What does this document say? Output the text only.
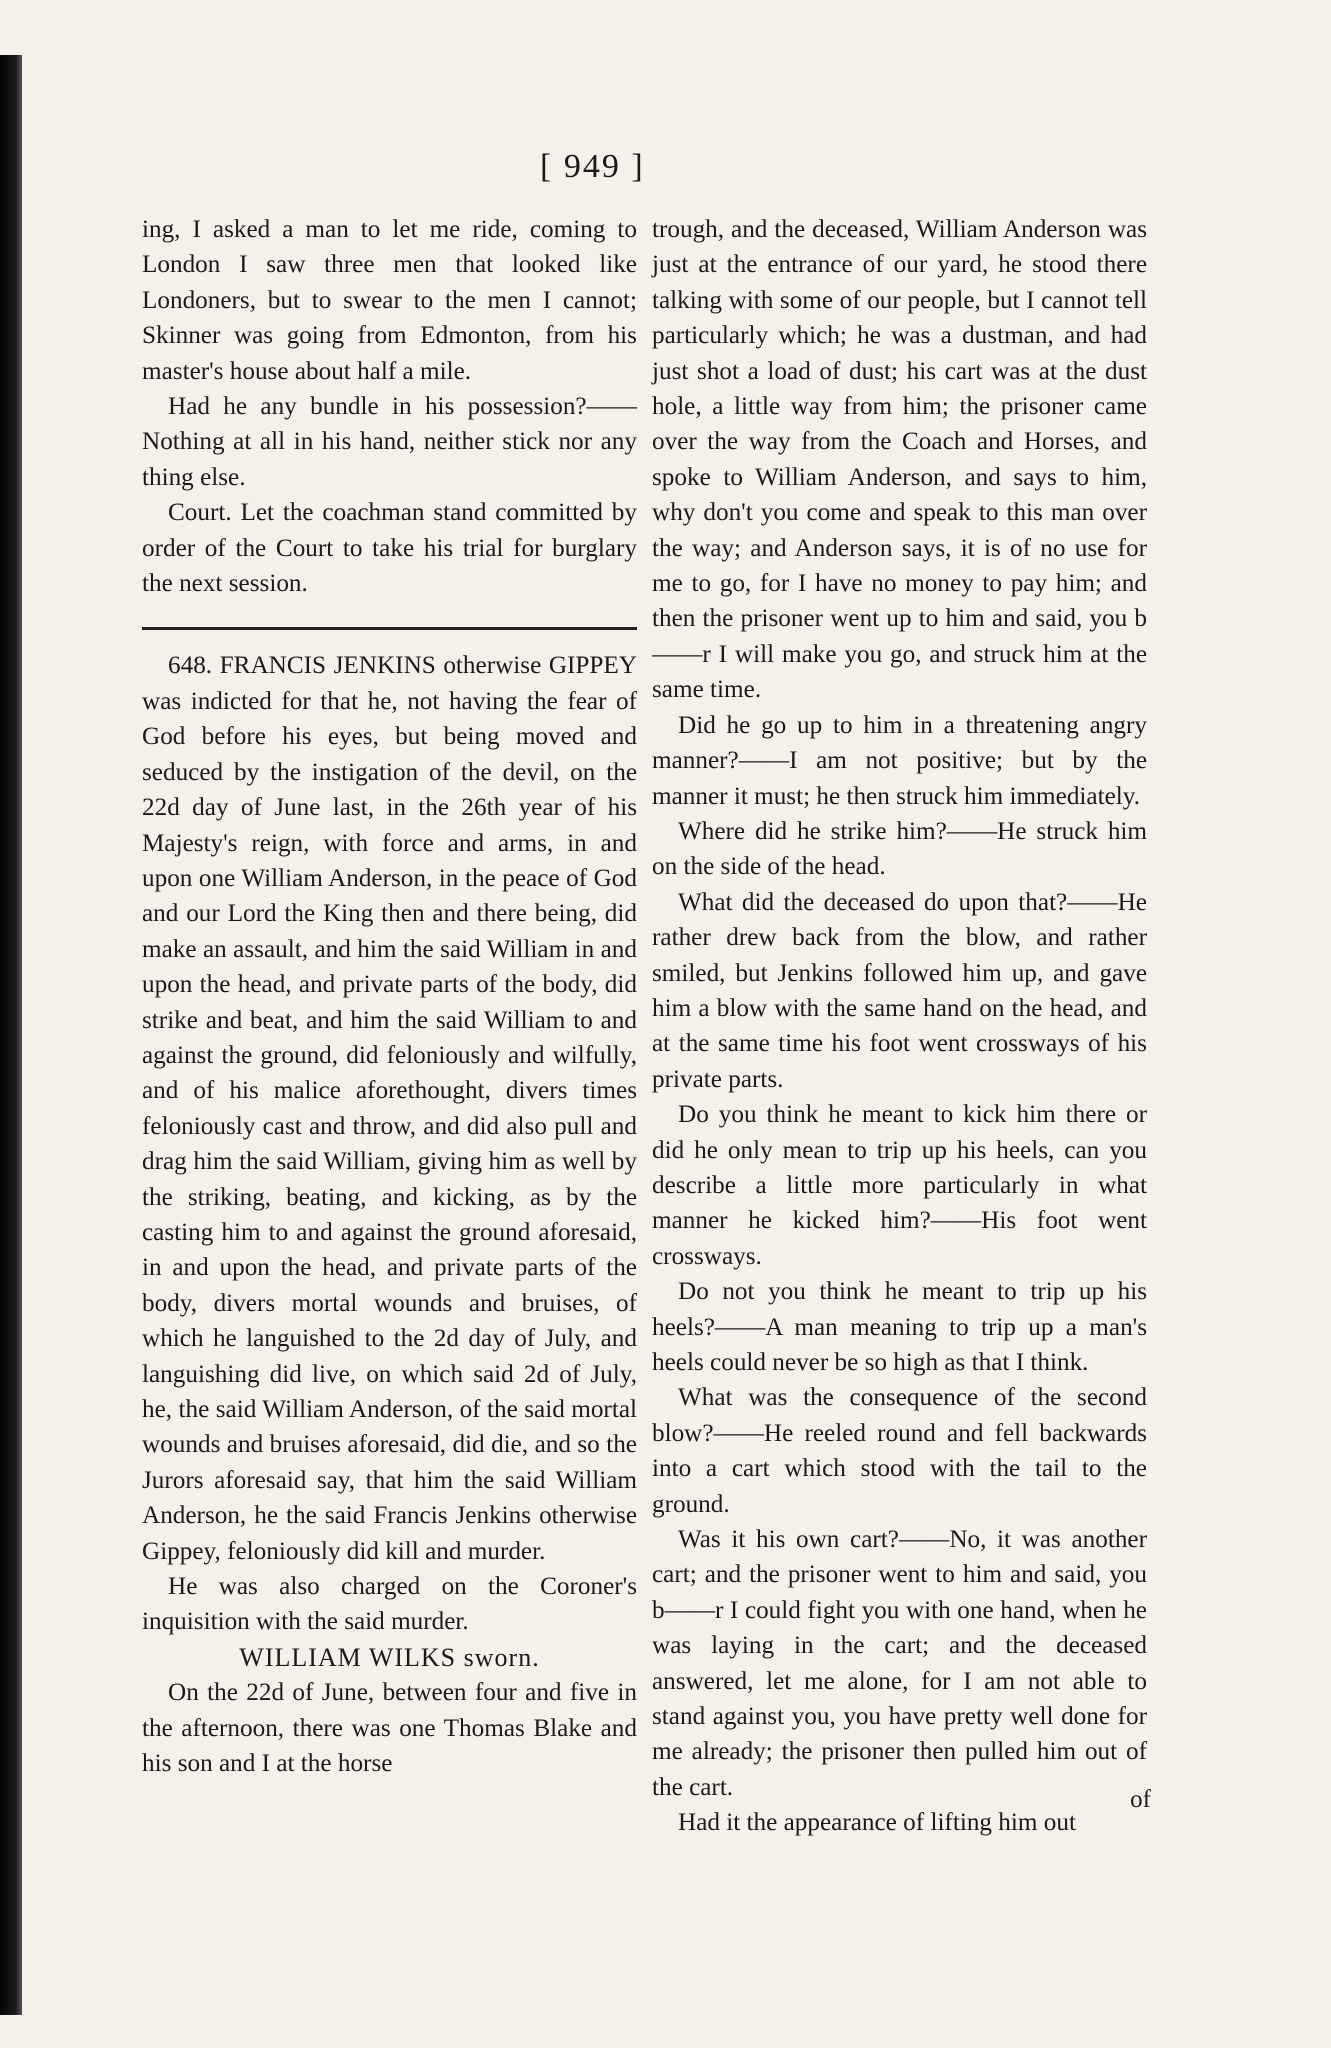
[ 949 ]

ing, I asked a man to let me ride, coming to London I saw three men that looked like Londoners, but to swear to the men I cannot; Skinner was going from Edmonton, from his master's house about half a mile.

Had he any bundle in his possession?——Nothing at all in his hand, neither stick nor any thing else.

Court. Let the coachman stand committed by order of the Court to take his trial for burglary the next session.

648. FRANCIS JENKINS otherwise GIPPEY was indicted for that he, not having the fear of God before his eyes, but being moved and seduced by the instigation of the devil, on the 22d day of June last, in the 26th year of his Majesty's reign, with force and arms, in and upon one William Anderson, in the peace of God and our Lord the King then and there being, did make an assault, and him the said William in and upon the head, and private parts of the body, did strike and beat, and him the said William to and against the ground, did feloniously and wilfully, and of his malice aforethought, divers times feloniously cast and throw, and did also pull and drag him the said William, giving him as well by the striking, beating, and kicking, as by the casting him to and against the ground aforesaid, in and upon the head, and private parts of the body, divers mortal wounds and bruises, of which he languished to the 2d day of July, and languishing did live, on which said 2d of July, he, the said William Anderson, of the said mortal wounds and bruises aforesaid, did die, and so the Jurors aforesaid say, that him the said William Anderson, he the said Francis Jenkins otherwise Gippey, feloniously did kill and murder.

He was also charged on the Coroner's inquisition with the said murder.

WILLIAM WILKS sworn.

On the 22d of June, between four and five in the afternoon, there was one Thomas Blake and his son and I at the horse

trough, and the deceased, William Anderson was just at the entrance of our yard, he stood there talking with some of our people, but I cannot tell particularly which; he was a dustman, and had just shot a load of dust; his cart was at the dust hole, a little way from him; the prisoner came over the way from the Coach and Horses, and spoke to William Anderson, and says to him, why don't you come and speak to this man over the way; and Anderson says, it is of no use for me to go, for I have no money to pay him; and then the prisoner went up to him and said, you b——r I will make you go, and struck him at the same time.

Did he go up to him in a threatening angry manner?——I am not positive; but by the manner it must; he then struck him immediately.

Where did he strike him?——He struck him on the side of the head.

What did the deceased do upon that?——He rather drew back from the blow, and rather smiled, but Jenkins followed him up, and gave him a blow with the same hand on the head, and at the same time his foot went crossways of his private parts.

Do you think he meant to kick him there or did he only mean to trip up his heels, can you describe a little more particularly in what manner he kicked him?——His foot went crossways.

Do not you think he meant to trip up his heels?——A man meaning to trip up a man's heels could never be so high as that I think.

What was the consequence of the second blow?——He reeled round and fell backwards into a cart which stood with the tail to the ground.

Was it his own cart?——No, it was another cart; and the prisoner went to him and said, you b——r I could fight you with one hand, when he was laying in the cart; and the deceased answered, let me alone, for I am not able to stand against you, you have pretty well done for me already; the prisoner then pulled him out of the cart.

Had it the appearance of lifting him out

of
